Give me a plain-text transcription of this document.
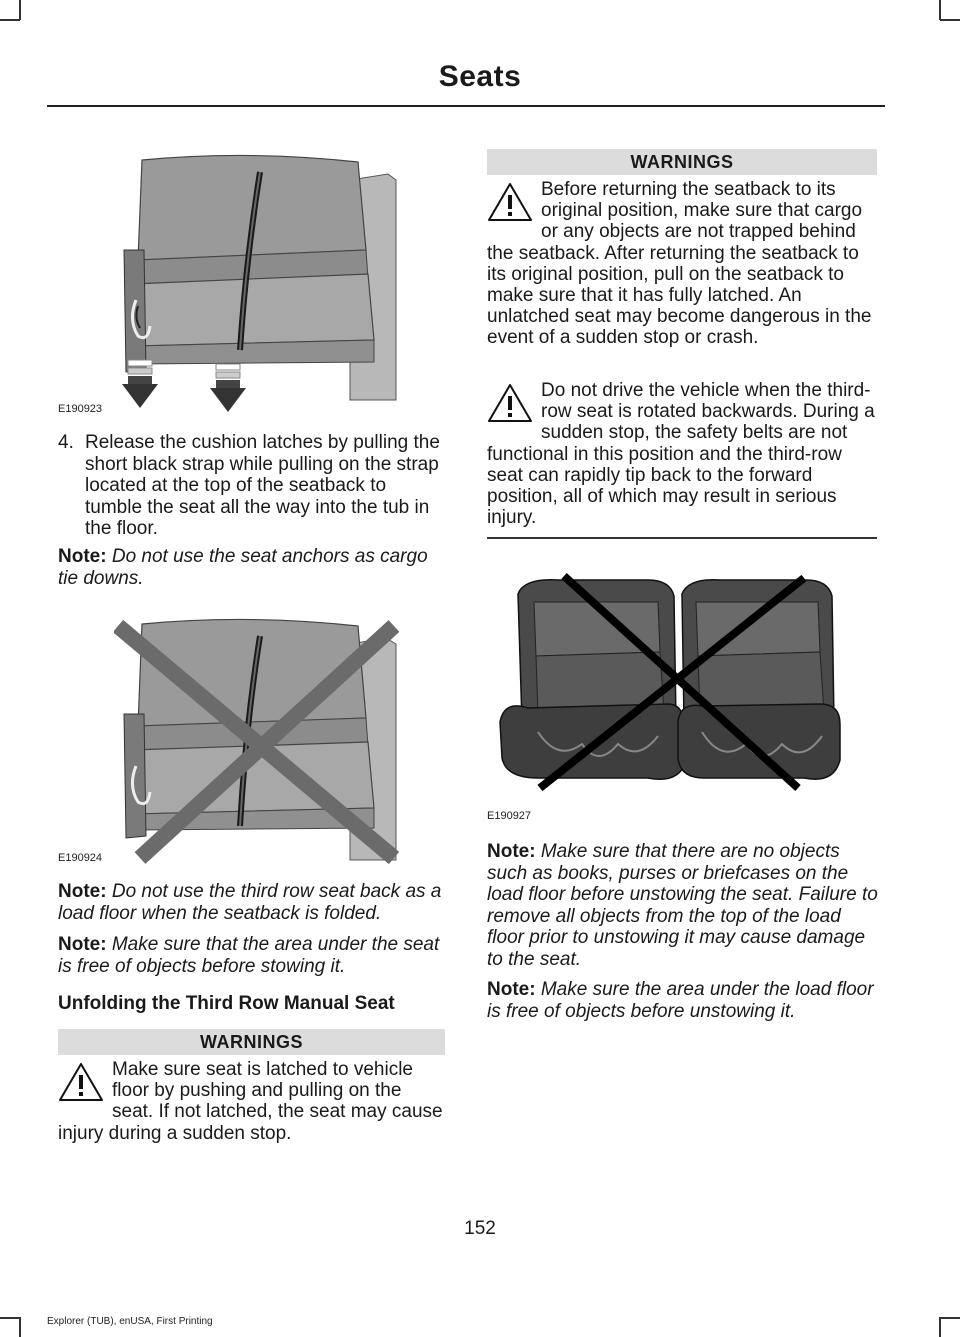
Seats
E190923
4. Release the cushion latches by pulling the short black strap while pulling on the strap located at the top of the seatback to tumble the seat all the way into the tub in the floor.
Note: Do not use the seat anchors as cargo tie downs.
E190924
Note: Do not use the third row seat back as a load floor when the seatback is folded.
Note: Make sure that the area under the seat is free of objects before stowing it.
Unfolding the Third Row Manual Seat
WARNINGS
Make sure seat is latched to vehicle floor by pushing and pulling on the seat. If not latched, the seat may cause injury during a sudden stop.
WARNINGS
Before returning the seatback to its original position, make sure that cargo or any objects are not trapped behind the seatback. After returning the seatback to its original position, pull on the seatback to make sure that it has fully latched. An unlatched seat may become dangerous in the event of a sudden stop or crash.
Do not drive the vehicle when the third-row seat is rotated backwards. During a sudden stop, the safety belts are not functional in this position and the third-row seat can rapidly tip back to the forward position, all of which may result in serious injury.
E190927
Note: Make sure that there are no objects such as books, purses or briefcases on the load floor before unstowing the seat. Failure to remove all objects from the top of the load floor prior to unstowing it may cause damage to the seat.
Note: Make sure the area under the load floor is free of objects before unstowing it.
152
Explorer (TUB), enUSA, First Printing
